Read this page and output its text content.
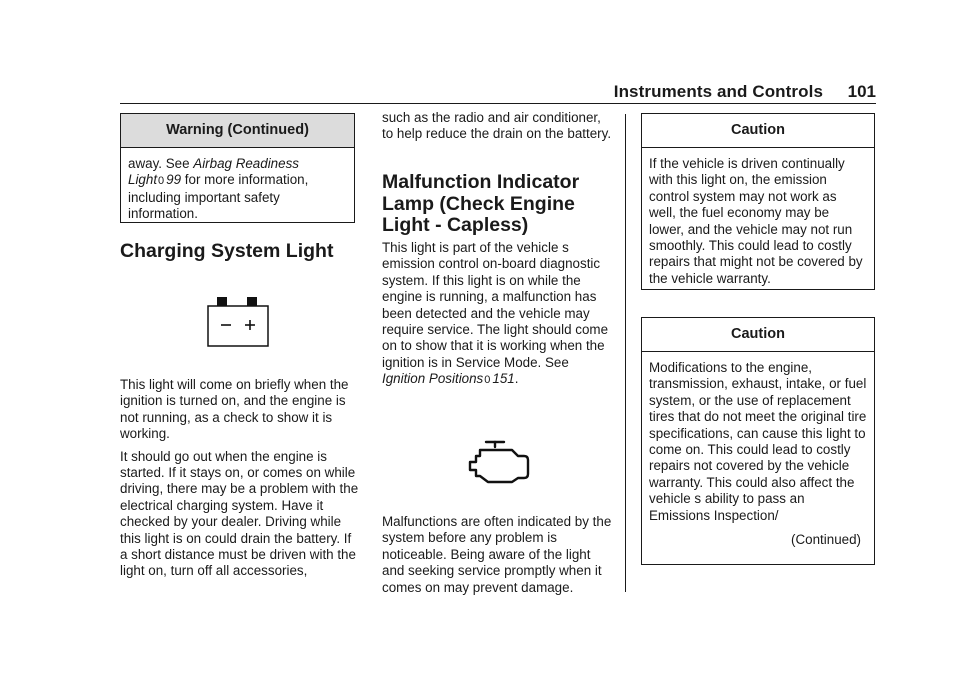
Instruments and Controls	101
Warning (Continued)
away. See Airbag Readiness
Light0 99 for more information,
including important safety
information.
Charging System Light

This light will come on briefly when the ignition is turned on, and the engine is not running, as a check to show it is working.

It should go out when the engine is started. If it stays on, or comes on while driving, there may be a problem with the electrical charging system. Have it checked by your dealer. Driving while this light is on could drain the battery. If a short distance must be driven with the light on, turn off all accessories,

such as the radio and air conditioner, to help reduce the drain on the battery.

Malfunction Indicator
Lamp (Check Engine
Light - Capless)

This light is part of the vehicle s emission control on-board diagnostic system. If this light is on while the engine is running, a malfunction has been detected and the vehicle may require service. The light should come on to show that it is working when the ignition is in Service Mode. See Ignition Positions0 151.

Malfunctions are often indicated by the system before any problem is noticeable. Being aware of the light and seeking service promptly when it comes on may prevent damage.

Caution
If the vehicle is driven continually with this light on, the emission control system may not work as well, the fuel economy may be lower, and the vehicle may not run smoothly. This could lead to costly repairs that might not be covered by the vehicle warranty.
Caution
Modifications to the engine, transmission, exhaust, intake, or fuel system, or the use of replacement tires that do not meet the original tire specifications, can cause this light to come on. This could lead to costly repairs not covered by the vehicle warranty. This could also affect the vehicle s ability to pass an Emissions Inspection/
(Continued)
